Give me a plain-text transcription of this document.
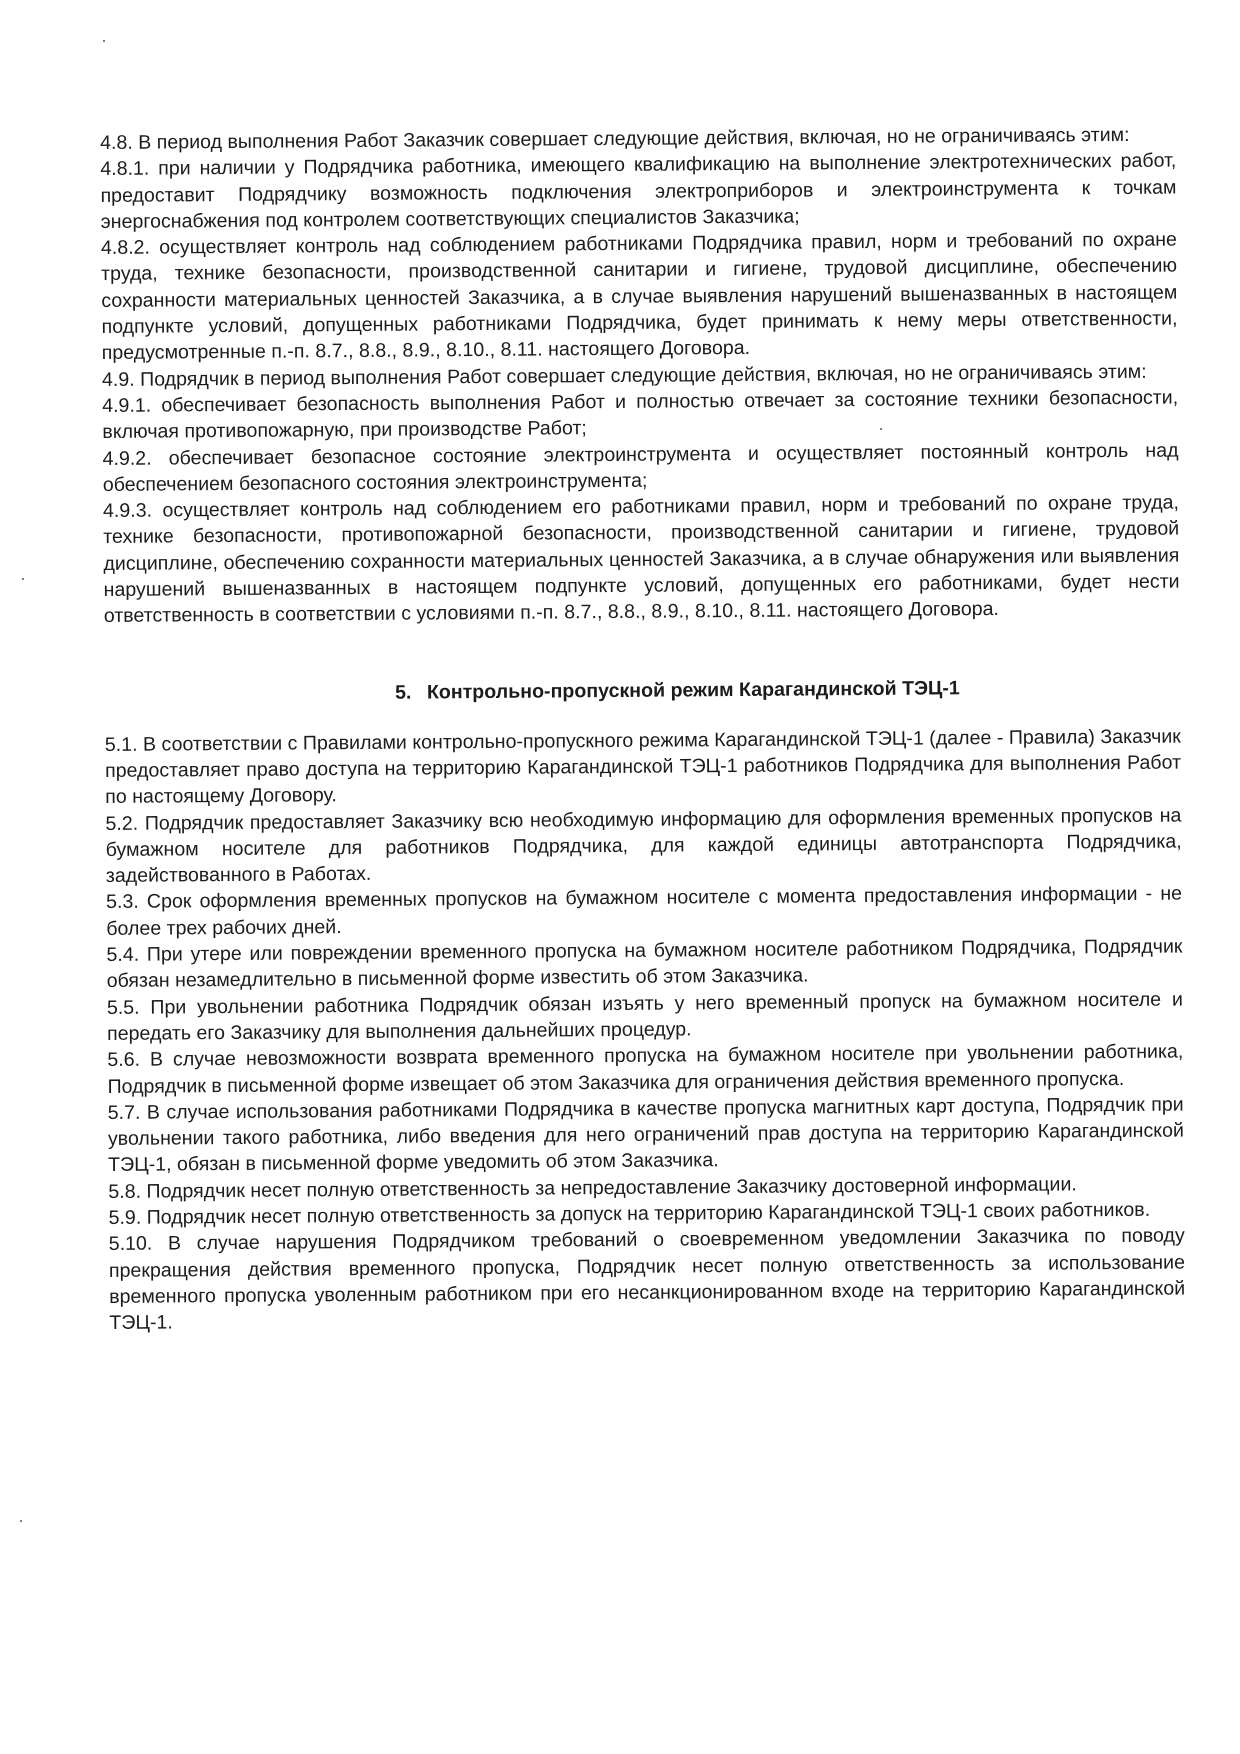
4.8. В период выполнения Работ Заказчик совершает следующие действия, включая, но не ограничиваясь этим:

4.8.1. при наличии у Подрядчика работника, имеющего квалификацию на выполнение электротехнических работ, предоставит Подрядчику возможность подключения электроприборов и электроинструмента к точкам энергоснабжения под контролем соответствующих специалистов Заказчика;

4.8.2. осуществляет контроль над соблюдением работниками Подрядчика правил, норм и требований по охране труда, технике безопасности, производственной санитарии и гигиене, трудовой дисциплине, обеспечению сохранности материальных ценностей Заказчика, а в случае выявления нарушений вышеназванных в настоящем подпункте условий, допущенных работниками Подрядчика, будет принимать к нему меры ответственности, предусмотренные п.-п. 8.7., 8.8., 8.9., 8.10., 8.11. настоящего Договора.

4.9. Подрядчик в период выполнения Работ совершает следующие действия, включая, но не ограничиваясь этим:

4.9.1. обеспечивает безопасность выполнения Работ и полностью отвечает за состояние техники безопасности, включая противопожарную, при производстве Работ;

4.9.2. обеспечивает безопасное состояние электроинструмента и осуществляет постоянный контроль над обеспечением безопасного состояния электроинструмента;

4.9.3. осуществляет контроль над соблюдением его работниками правил, норм и требований по охране труда, технике безопасности, противопожарной безопасности, производственной санитарии и гигиене, трудовой дисциплине, обеспечению сохранности материальных ценностей Заказчика, а в случае обнаружения или выявления нарушений вышеназванных в настоящем подпункте условий, допущенных его работниками, будет нести ответственность в соответствии с условиями п.-п. 8.7., 8.8., 8.9., 8.10., 8.11. настоящего Договора.

5. Контрольно-пропускной режим Карагандинской ТЭЦ-1

5.1. В соответствии с Правилами контрольно-пропускного режима Карагандинской ТЭЦ-1 (далее - Правила) Заказчик предоставляет право доступа на территорию Карагандинской ТЭЦ-1 работников Подрядчика для выполнения Работ по настоящему Договору.

5.2. Подрядчик предоставляет Заказчику всю необходимую информацию для оформления временных пропусков на бумажном носителе для работников Подрядчика, для каждой единицы автотранспорта Подрядчика, задействованного в Работах.

5.3. Срок оформления временных пропусков на бумажном носителе с момента предоставления информации - не более трех рабочих дней.

5.4. При утере или повреждении временного пропуска на бумажном носителе работником Подрядчика, Подрядчик обязан незамедлительно в письменной форме известить об этом Заказчика.

5.5. При увольнении работника Подрядчик обязан изъять у него временный пропуск на бумажном носителе и передать его Заказчику для выполнения дальнейших процедур.

5.6. В случае невозможности возврата временного пропуска на бумажном носителе при увольнении работника, Подрядчик в письменной форме извещает об этом Заказчика для ограничения действия временного пропуска.

5.7. В случае использования работниками Подрядчика в качестве пропуска магнитных карт доступа, Подрядчик при увольнении такого работника, либо введения для него ограничений прав доступа на территорию Карагандинской ТЭЦ-1, обязан в письменной форме уведомить об этом Заказчика.

5.8. Подрядчик несет полную ответственность за непредоставление Заказчику достоверной информации.

5.9. Подрядчик несет полную ответственность за допуск на территорию Карагандинской ТЭЦ-1 своих работников.

5.10. В случае нарушения Подрядчиком требований о своевременном уведомлении Заказчика по поводу прекращения действия временного пропуска, Подрядчик несет полную ответственность за использование временного пропуска уволенным работником при его несанкционированном входе на территорию Карагандинской ТЭЦ-1.
